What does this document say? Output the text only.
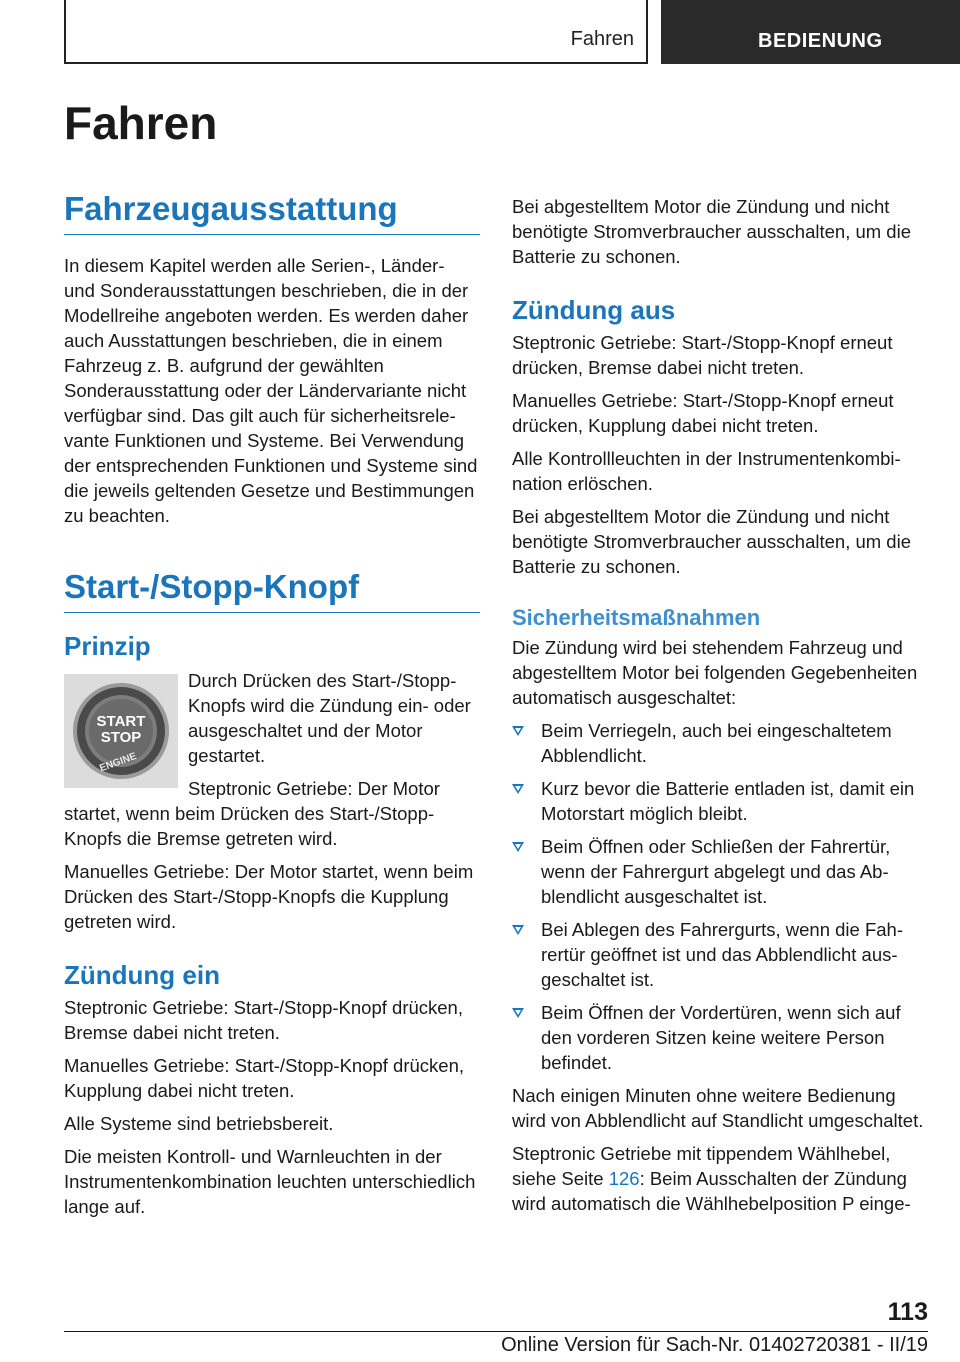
Fahren	BEDIENUNG
Fahren
Fahrzeugausstattung

In diesem Kapitel werden alle Serien-, Länder- und Sonderausstattungen beschrieben, die in der Modellreihe angeboten werden. Es werden daher auch Ausstattungen beschrieben, die in einem Fahrzeug z. B. aufgrund der gewählten Sonderausstattung oder der Ländervariante nicht verfügbar sind. Das gilt auch für sicherheitsrelevante Funktionen und Systeme. Bei Verwendung der entsprechenden Funktionen und Systeme sind die jeweils geltenden Gesetze und Bestimmungen zu beachten.

Start-/Stopp-Knopf
Prinzip
START
STOP
ENGINE

Durch Drücken des Start-/Stopp-Knopfs wird die Zündung ein- oder ausgeschaltet und der Motor gestartet.

Steptronic Getriebe: Der Motor startet, wenn beim Drücken des Start-/Stopp-Knopfs die Bremse getreten wird.

Manuelles Getriebe: Der Motor startet, wenn beim Drücken des Start-/Stopp-Knopfs die Kupplung getreten wird.

Zündung ein

Steptronic Getriebe: Start-/Stopp-Knopf drücken, Bremse dabei nicht treten.

Manuelles Getriebe: Start-/Stopp-Knopf drücken, Kupplung dabei nicht treten.

Alle Systeme sind betriebsbereit.

Die meisten Kontroll- und Warnleuchten in der Instrumentenkombination leuchten unterschiedlich lange auf.

Bei abgestelltem Motor die Zündung und nicht benötigte Stromverbraucher ausschalten, um die Batterie zu schonen.

Zündung aus

Steptronic Getriebe: Start-/Stopp-Knopf erneut drücken, Bremse dabei nicht treten.

Manuelles Getriebe: Start-/Stopp-Knopf erneut drücken, Kupplung dabei nicht treten.

Alle Kontrollleuchten in der Instrumentenkombination erlöschen.

Bei abgestelltem Motor die Zündung und nicht benötigte Stromverbraucher ausschalten, um die Batterie zu schonen.

Sicherheitsmaßnahmen

Die Zündung wird bei stehendem Fahrzeug und abgestelltem Motor bei folgenden Gegebenheiten automatisch ausgeschaltet:

Beim Verriegeln, auch bei eingeschaltetem Abblendlicht.
Kurz bevor die Batterie entladen ist, damit ein Motorstart möglich bleibt.
Beim Öffnen oder Schließen der Fahrertür, wenn der Fahrergurt abgelegt und das Abblendlicht ausgeschaltet ist.
Bei Ablegen des Fahrergurts, wenn die Fahrertür geöffnet ist und das Abblendlicht ausgeschaltet ist.
Beim Öffnen der Vordertüren, wenn sich auf den vorderen Sitzen keine weitere Person befindet.

Nach einigen Minuten ohne weitere Bedienung wird von Abblendlicht auf Standlicht umgeschaltet.

Steptronic Getriebe mit tippendem Wählhebel, siehe Seite 126: Beim Ausschalten der Zündung wird automatisch die Wählhebelposition P einge-

113
Online Version für Sach-Nr. 01402720381 - II/19
